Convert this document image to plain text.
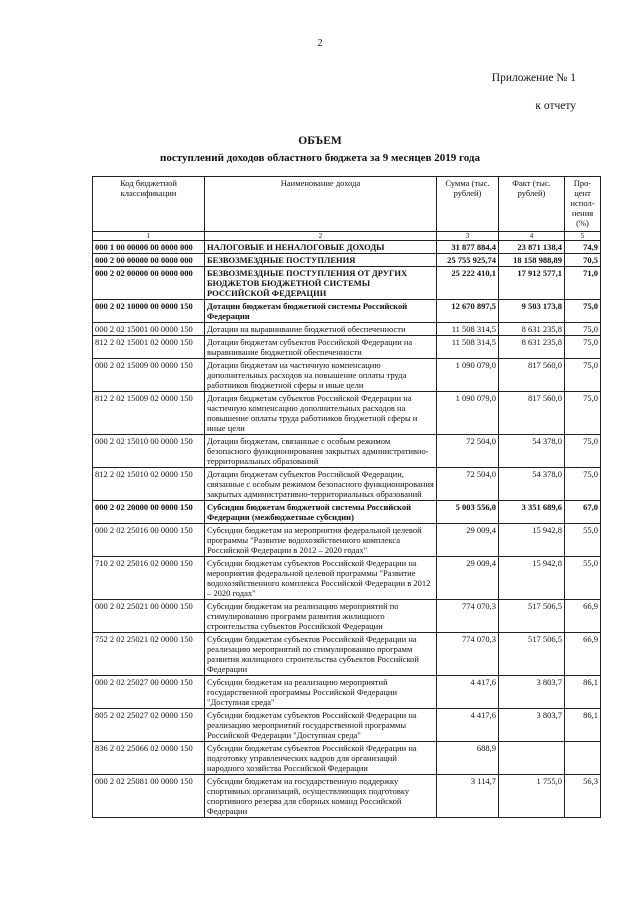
2
Приложение № 1
к отчету
ОБЪЕМ
поступлений доходов областного бюджета за 9 месяцев 2019 года
Код бюджетной классификации	Наименование дохода	Сумма (тыс. рублей)	Факт (тыс. рублей)	Про-цент испол-нения (%)
1	2	3	4	5
000 1 00 00000 00 0000 000	НАЛОГОВЫЕ И НЕНАЛОГОВЫЕ ДОХОДЫ	31 877 884,4	23 871 138,4	74,9
000 2 00 00000 00 0000 000	БЕЗВОЗМЕЗДНЫЕ ПОСТУПЛЕНИЯ	25 755 925,74	18 158 988,89	70,5
000 2 02 00000 00 0000 000	БЕЗВОЗМЕЗДНЫЕ ПОСТУПЛЕНИЯ ОТ ДРУГИХ БЮДЖЕТОВ БЮДЖЕТНОЙ СИСТЕМЫ РОССИЙСКОЙ ФЕДЕРАЦИИ	25 222 410,1	17 912 577,1	71,0
000 2 02 10000 00 0000 150	Дотации бюджетам бюджетной системы Российской Федерации	12 670 897,5	9 503 173,8	75,0
000 2 02 15001 00 0000 150	Дотации на выравнивание бюджетной обеспеченности	11 508 314,5	8 631 235,8	75,0
812 2 02 15001 02 0000 150	Дотации бюджетам субъектов Российской Федерации на выравнивание бюджетной обеспеченности	11 508 314,5	8 631 235,8	75,0
000 2 02 15009 00 0000 150	Дотации бюджетам на частичную компенсацию дополнительных расходов на повышение оплаты труда работников бюджетной сферы и иные цели	1 090 079,0	817 560,0	75,0
812 2 02 15009 02 0000 150	Дотация бюджетам субъектов Российской Федерации на частичную компенсацию дополнительных расходов на повышение оплаты труда работников бюджетной сферы и иные цели	1 090 079,0	817 560,0	75,0
000 2 02 15010 00 0000 150	Дотации бюджетам, связанные с особым режимом безопасного функционирования закрытых административно-территориальных образований	72 504,0	54 378,0	75,0
812 2 02 15010 02 0000 150	Дотации бюджетам субъектов Российской Федерации, связанные с особым режимом безопасного функционирования закрытых административно-территориальных образований	72 504,0	54 378,0	75,0
000 2 02 20000 00 0000 150	Субсидии бюджетам бюджетной системы Российской Федерации (межбюджетные субсидии)	5 003 556,0	3 351 689,6	67,0
000 2 02 25016 00 0000 150	Субсидии бюджетам на мероприятия федеральной целевой программы "Развитие водохозяйственного комплекса Российской Федерации в 2012 – 2020 годах"	29 009,4	15 942,8	55,0
710 2 02 25016 02 0000 150	Субсидии бюджетам субъектов Российской Федерации на мероприятия федеральной целевой программы "Развитие водохозяйственного комплекса Российской Федерации в 2012 – 2020 годах"	29 009,4	15 942,8	55,0
000 2 02 25021 00 0000 150	Субсидии бюджетам на реализацию мероприятий по стимулированию программ развития жилищного строительства субъектов Российской Федерации	774 070,3	517 506,5	66,9
752 2 02 25021 02 0000 150	Субсидии бюджетам субъектов Российской Федерации на реализацию мероприятий по стимулированию программ развития жилищного строительства субъектов Российской Федерации	774 070,3	517 506,5	66,9
000 2 02 25027 00 0000 150	Субсидии бюджетам на реализацию мероприятий государственной программы Российской Федерации "Доступная среда"	4 417,6	3 803,7	86,1
805 2 02 25027 02 0000 150	Субсидии бюджетам субъектов Российской Федерации на реализацию мероприятий государственной программы Российской Федерации "Доступная среда"	4 417,6	3 803,7	86,1
836 2 02 25066 02 0000 150	Субсидии бюджетам субъектов Российской Федерации на подготовку управленческих кадров для организаций народного хозяйства Российской Федерации	688,9		
000 2 02 25081 00 0000 150	Субсидии бюджетам на государственную поддержку спортивных организаций, осуществляющих подготовку спортивного резерва для сборных команд Российской Федерации	3 114,7	1 755,0	56,3
